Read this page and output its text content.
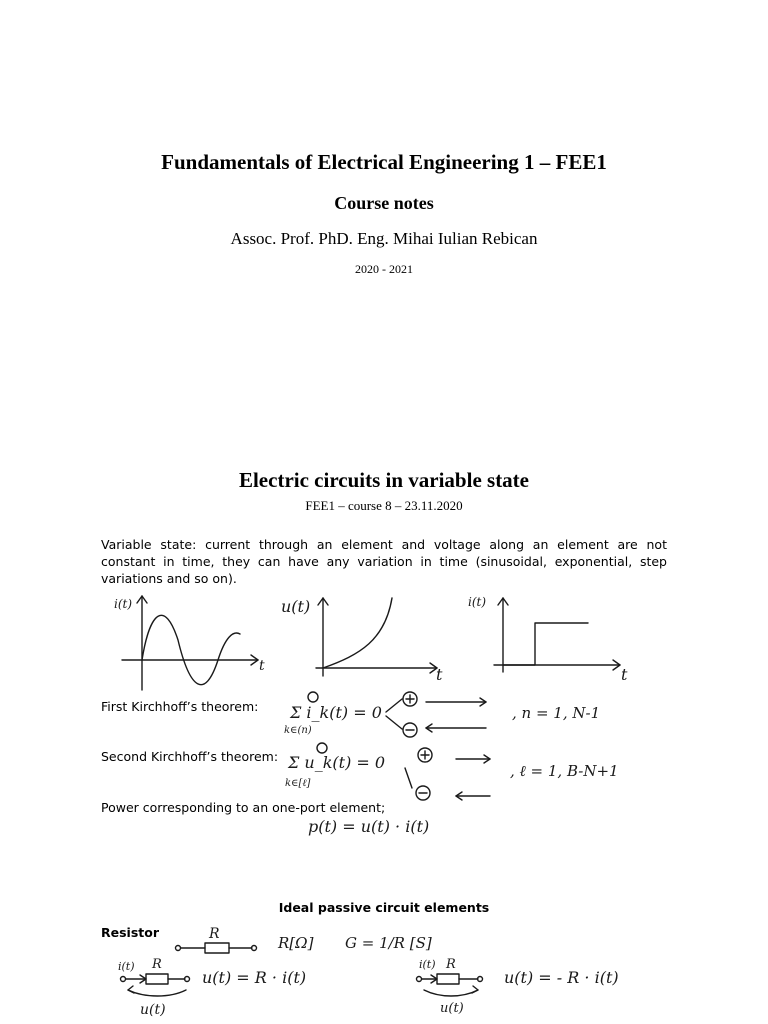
Fundamentals of Electrical Engineering 1 – FEE1
Course notes
Assoc. Prof. PhD. Eng. Mihai Iulian Rebican
2020 - 2021
Electric circuits in variable state
FEE1 – course 8 – 23.11.2020
Variable state: current through an element and voltage along an element are not constant in time, they can have any variation in time (sinusoidal, exponential, step variations and so on).
First Kirchhoff’s theorem:
Second Kirchhoff’s theorem:
Power corresponding to an one-port element;
Ideal passive circuit elements
Resistor
i(t)
t
u(t)
t
i(t)
t
Σ i_k(t) = 0
k∈(n)
, n = 1, N-1
Σ u_k(t) = 0
k∈[ℓ]
, ℓ = 1, B-N+1
p(t) = u(t) · i(t)
R	R[Ω] G = 1/R [S]
i(t) R
u(t)
u(t) = R · i(t)
i(t) R
u(t)
u(t) = - R · i(t)
